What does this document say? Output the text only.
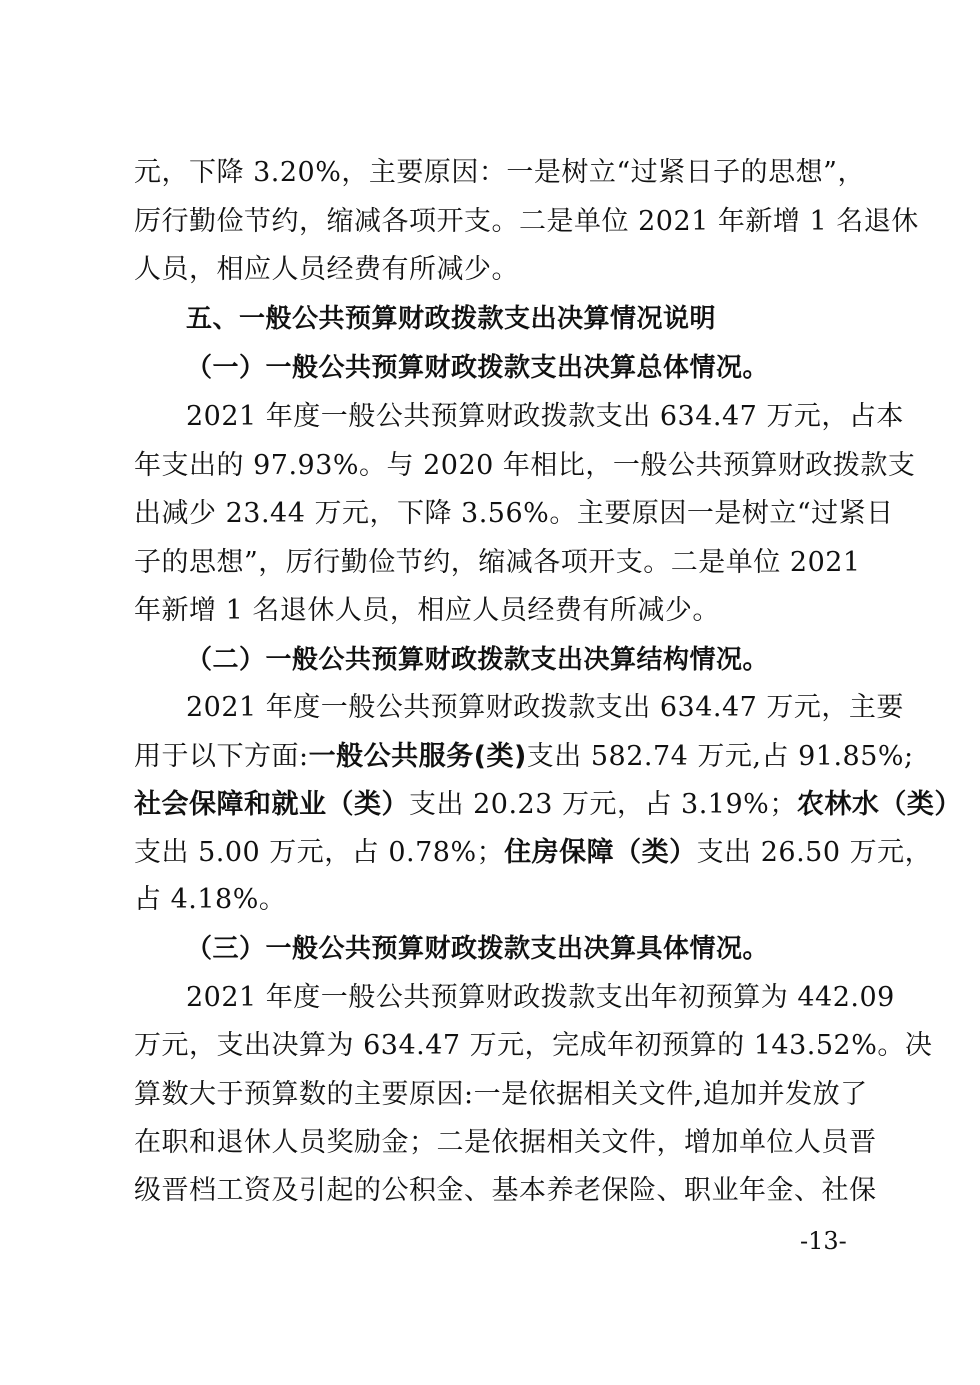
元，下降 3.20%，主要原因：一是树立“过紧日子的思想”，
厉行勤俭节约，缩减各项开支。二是单位 2021 年新增 1 名退休
人员，相应人员经费有所减少。
五、一般公共预算财政拨款支出决算情况说明
（一）一般公共预算财政拨款支出决算总体情况。
2021 年度一般公共预算财政拨款支出 634.47 万元，占本
年支出的 97.93%。与 2020 年相比，一般公共预算财政拨款支
出减少 23.44 万元，下降 3.56%。主要原因一是树立“过紧日
子的思想”，厉行勤俭节约，缩减各项开支。二是单位 2021
年新增 1 名退休人员，相应人员经费有所减少。
（二）一般公共预算财政拨款支出决算结构情况。
2021 年度一般公共预算财政拨款支出 634.47 万元，主要
用于以下方面:一般公共服务(类)支出 582.74 万元,占 91.85%;
社会保障和就业（类）支出 20.23 万元，占 3.19%；农林水（类）
支出 5.00 万元，占 0.78%；住房保障（类）支出 26.50 万元，
占 4.18%。
（三）一般公共预算财政拨款支出决算具体情况。
2021 年度一般公共预算财政拨款支出年初预算为 442.09
万元，支出决算为 634.47 万元，完成年初预算的 143.52%。决
算数大于预算数的主要原因:一是依据相关文件,追加并发放了
在职和退休人员奖励金；二是依据相关文件，增加单位人员晋
级晋档工资及引起的公积金、基本养老保险、职业年金、社保
-13-
